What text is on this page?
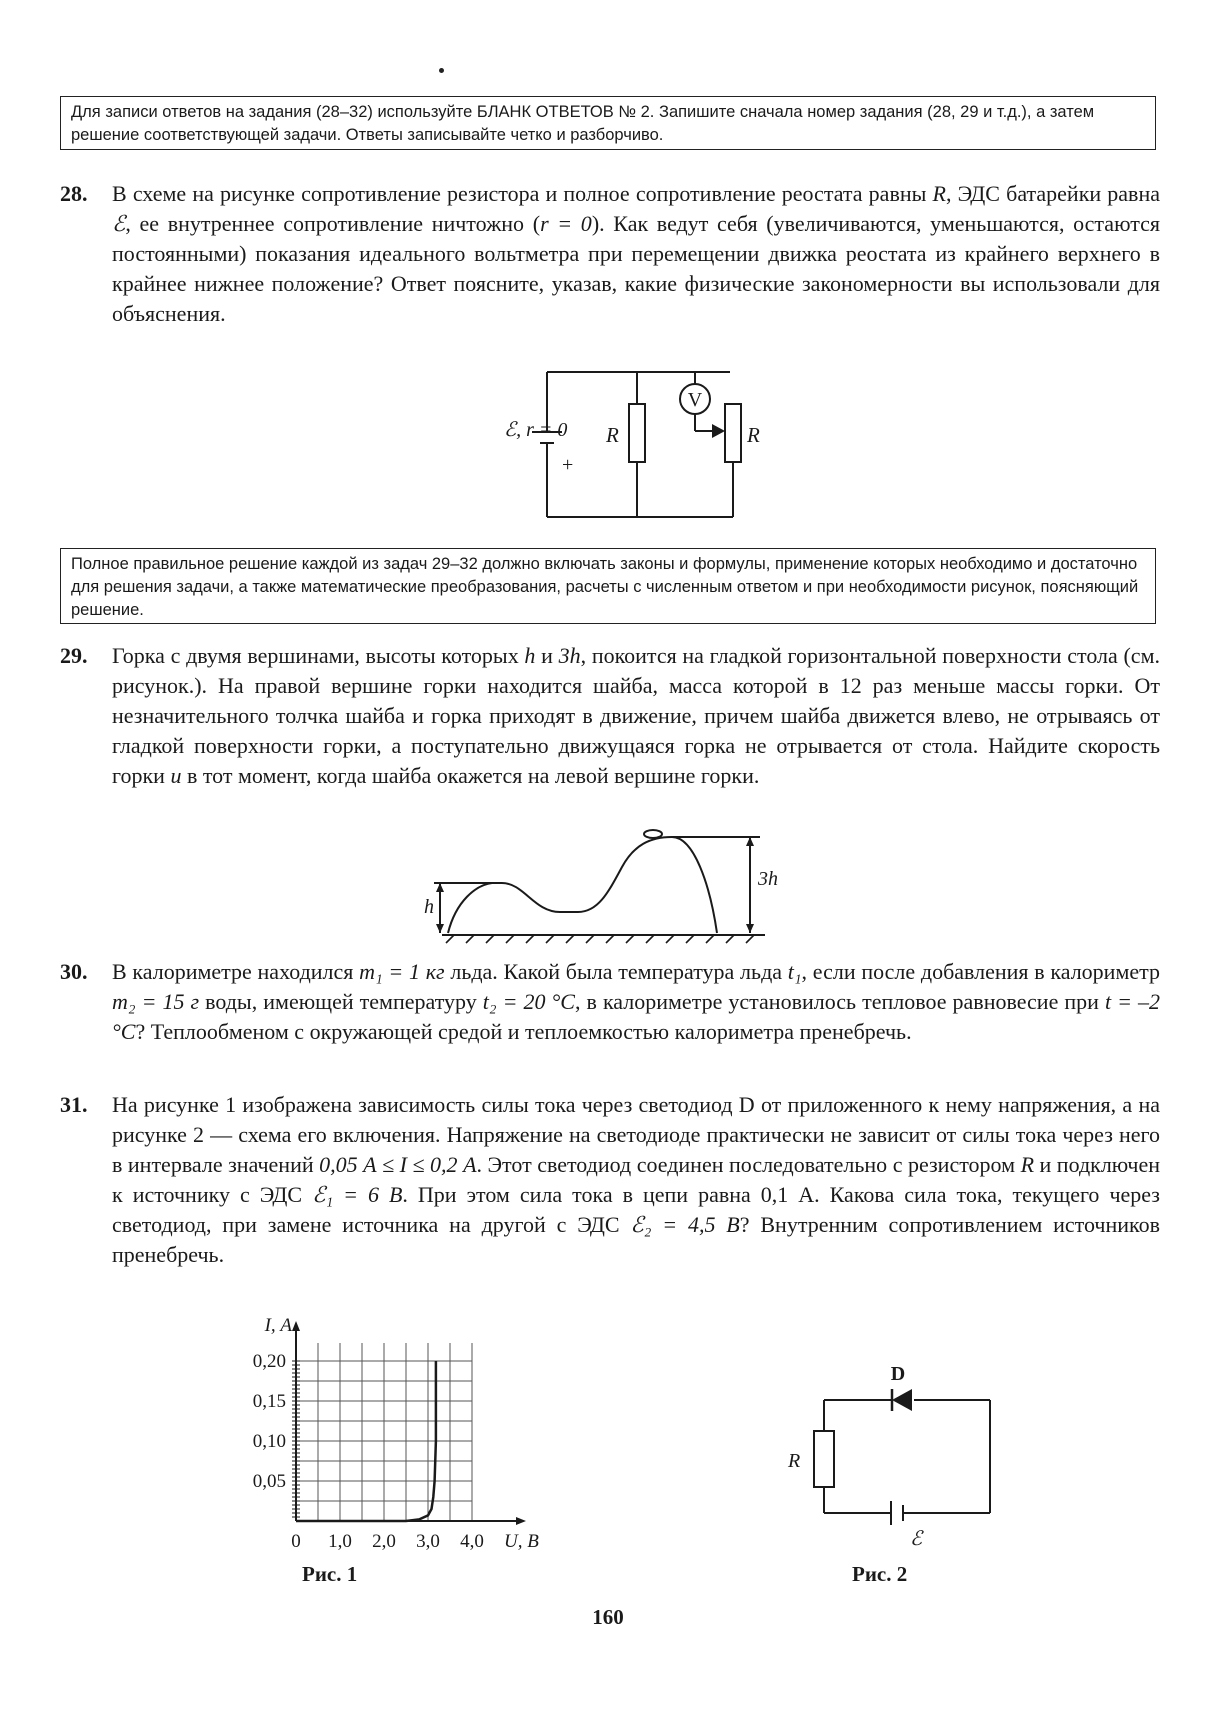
Для записи ответов на задания (28–32) используйте БЛАНК ОТВЕТОВ № 2. Запишите сначала номер задания (28, 29 и т.д.), а затем решение соответствующей задачи. Ответы записывайте четко и разборчиво.
28. В схеме на рисунке сопротивление резистора и полное сопротивление реостата равны R, ЭДС батарейки равна ℰ, ее внутреннее сопротивление ничтожно (r = 0). Как ведут себя (увеличиваются, уменьшаются, остаются постоянными) показания идеального вольтметра при перемещении движка реостата из крайнего верхнего в крайнее нижнее положение? Ответ поясните, указав, какие физические закономерности вы использовали для объяснения.
V
ℰ, r = 0
+
R	R
Полное правильное решение каждой из задач 29–32 должно включать законы и формулы, применение которых необходимо и достаточно для решения задачи, а также математические преобразования, расчеты с численным ответом и при необходимости рисунок, поясняющий решение.
29. Горка с двумя вершинами, высоты которых h и 3h, покоится на гладкой горизонтальной поверхности стола (см. рисунок.). На правой вершине горки находится шайба, масса которой в 12 раз меньше массы горки. От незначительного толчка шайба и горка приходят в движение, причем шайба движется влево, не отрываясь от гладкой поверхности горки, а поступательно движущаяся горка не отрывается от стола. Найдите скорость горки u в тот момент, когда шайба окажется на левой вершине горки.
h
3h
30. В калориметре находился m₁ = 1 кг льда. Какой была температура льда t₁, если после добавления в калориметр m₂ = 15 г воды, имеющей температуру t₂ = 20 °С, в калориметре установилось тепловое равновесие при t = –2 °С? Теплообменом с окружающей средой и теплоемкостью калориметра пренебречь.
31. На рисунке 1 изображена зависимость силы тока через светодиод D от приложенного к нему напряжения, а на рисунке 2 — схема его включения. Напряжение на светодиоде практически не зависит от силы тока через него в интервале значений 0,05 А ≤ I ≤ 0,2 А. Этот светодиод соединен последовательно с резистором R и подключен к источнику с ЭДС ℰ₁ = 6 В. При этом сила тока в цепи равна 0,1 А. Какова сила тока, текущего через светодиод, при замене источника на другой с ЭДС ℰ₂ = 4,5 В? Внутренним сопротивлением источников пренебречь.
0 1,0 2,0 3,0 4,0
0,05
0,10
0,15
0,20
U, В
I, А
D
R
ℰ
Рис. 1	Рис. 2
160
